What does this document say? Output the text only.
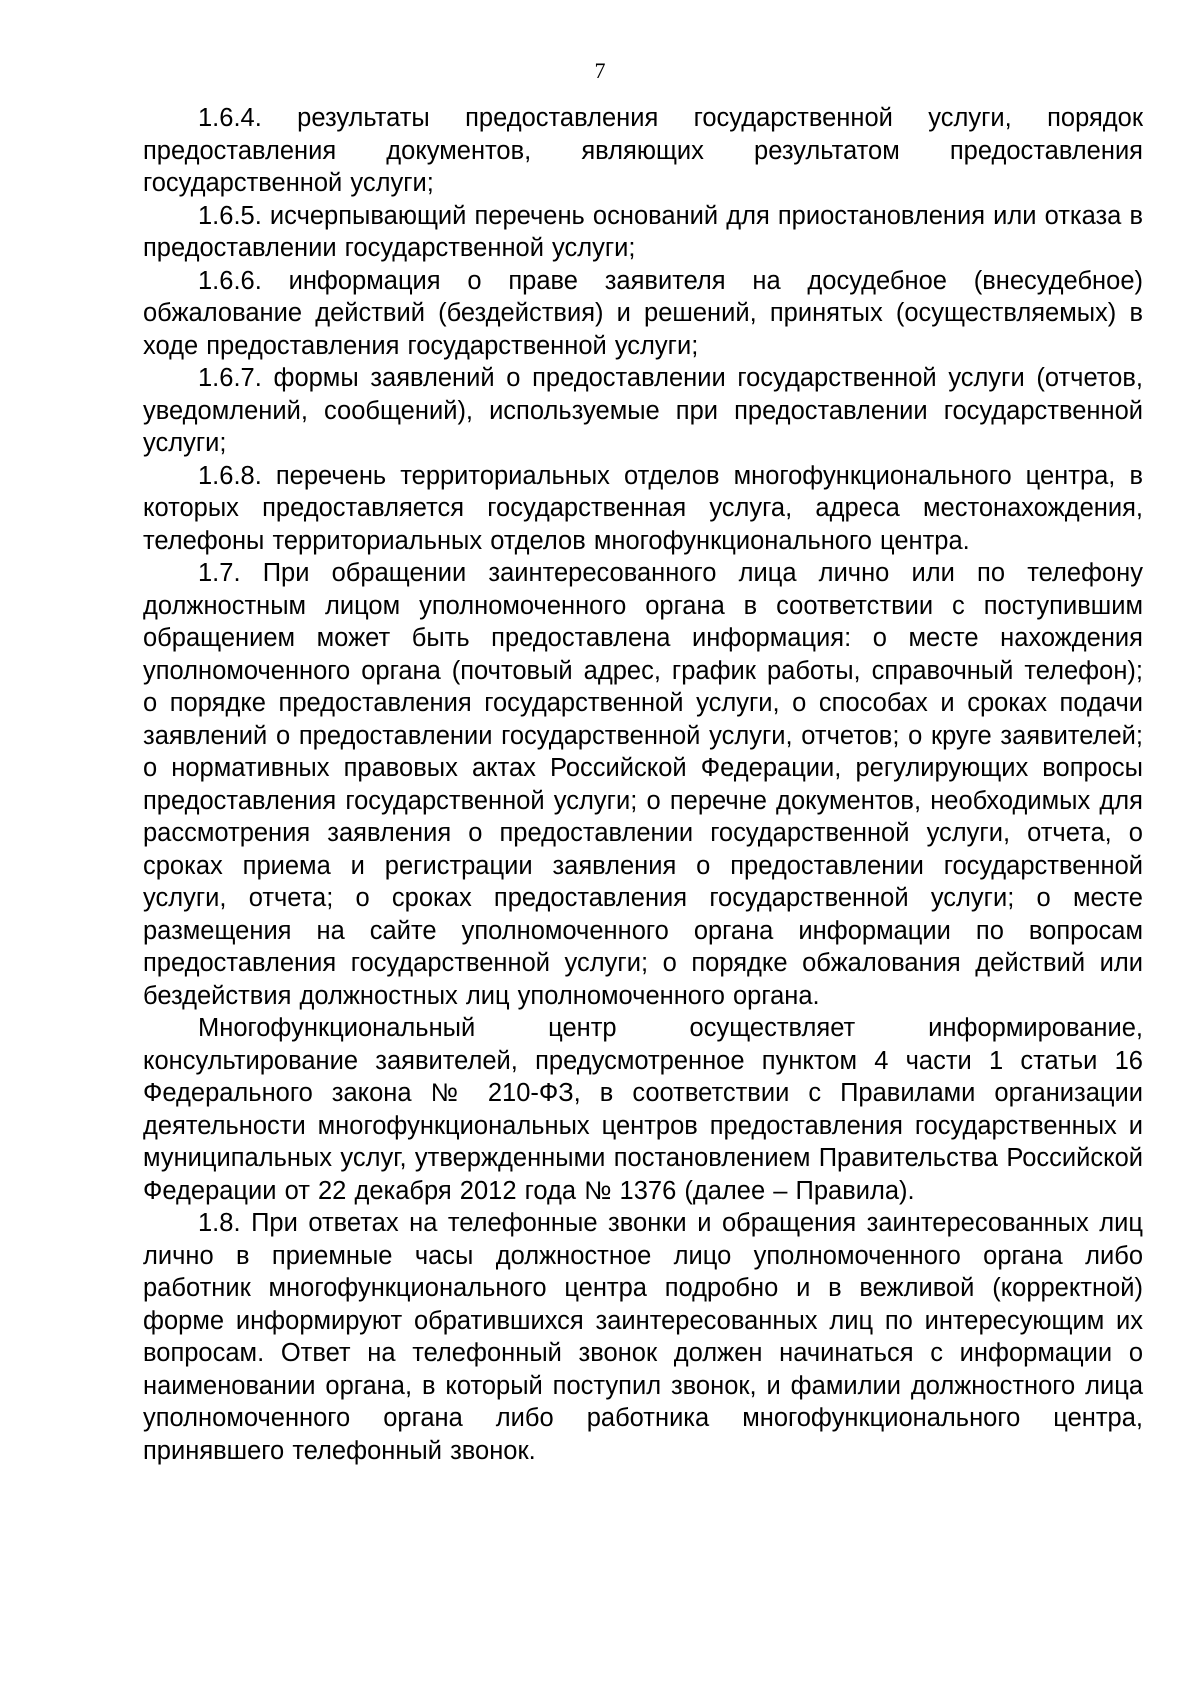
7

1.6.4. результаты предоставления государственной услуги, порядок предоставления документов, являющих результатом предоставления государственной услуги;

1.6.5. исчерпывающий перечень оснований для приостановления или отказа в предоставлении государственной услуги;

1.6.6. информация о праве заявителя на досудебное (внесудебное) обжалование действий (бездействия) и решений, принятых (осуществляемых) в ходе предоставления государственной услуги;

1.6.7. формы заявлений о предоставлении государственной услуги (отчетов, уведомлений, сообщений), используемые при предоставлении государственной услуги;

1.6.8. перечень территориальных отделов многофункционального центра, в которых предоставляется государственная услуга, адреса местонахождения, телефоны территориальных отделов многофункционального центра.

1.7. При обращении заинтересованного лица лично или по телефону должностным лицом уполномоченного органа в соответствии с поступившим обращением может быть предоставлена информация: о месте нахождения уполномоченного органа (почтовый адрес, график работы, справочный телефон); о порядке предоставления государственной услуги, о способах и сроках подачи заявлений о предоставлении государственной услуги, отчетов; о круге заявителей; о нормативных правовых актах Российской Федерации, регулирующих вопросы предоставления государственной услуги; о перечне документов, необходимых для рассмотрения заявления о предоставлении государственной услуги, отчета, о сроках приема и регистрации заявления о предоставлении государственной услуги, отчета; о сроках предоставления государственной услуги; о месте размещения на сайте уполномоченного органа информации по вопросам предоставления государственной услуги; о порядке обжалования действий или бездействия должностных лиц уполномоченного органа.

Многофункциональный центр осуществляет информирование, консультирование заявителей, предусмотренное пунктом 4 части 1 статьи 16 Федерального закона № 210-ФЗ, в соответствии с Правилами организации деятельности многофункциональных центров предоставления государственных и муниципальных услуг, утвержденными постановлением Правительства Российской Федерации от 22 декабря 2012 года № 1376 (далее – Правила).

1.8. При ответах на телефонные звонки и обращения заинтересованных лиц лично в приемные часы должностное лицо уполномоченного органа либо работник многофункционального центра подробно и в вежливой (корректной) форме информируют обратившихся заинтересованных лиц по интересующим их вопросам. Ответ на телефонный звонок должен начинаться с информации о наименовании органа, в который поступил звонок, и фамилии должностного лица уполномоченного органа либо работника многофункционального центра, принявшего телефонный звонок.
